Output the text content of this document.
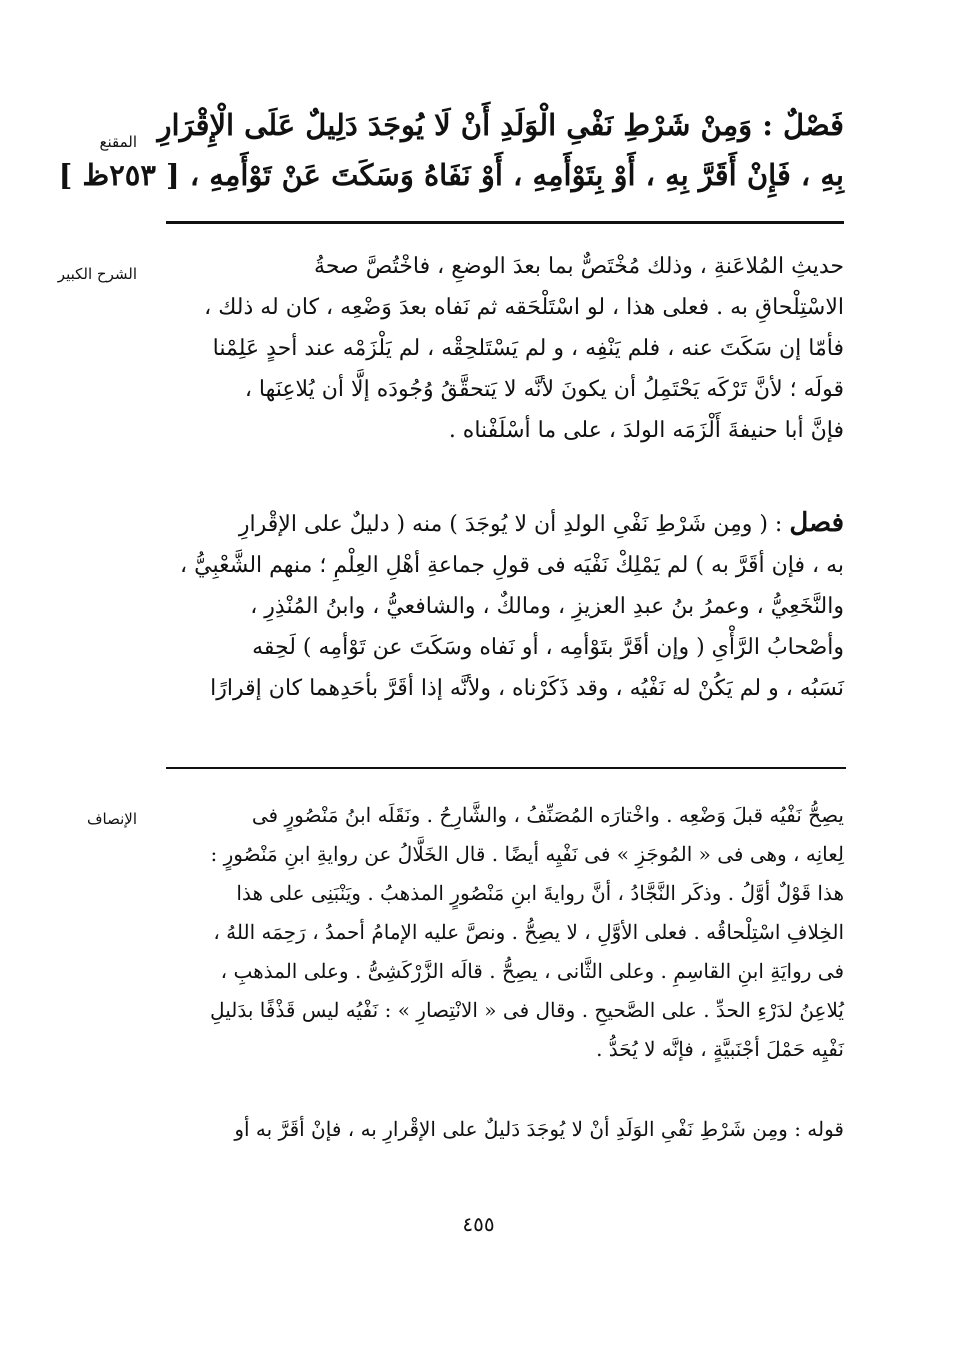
المقنع فَصْلٌ : وَمِنْ شَرْطِ نَفْىِ الْوَلَدِ أَنْ لَا يُوجَدَ دَلِيلٌ عَلَى الْإِقْرَارِ
بِهِ ، فَإِنْ أَقَرَّ بِهِ ، أَوْ بِتَوْأَمِهِ ، أَوْ نَفَاهُ وَسَكَتَ عَنْ تَوْأَمِهِ ، [ ٢٥٣ظ ]
الشرح الكبير	حديثِ المُلاعَنةِ ، وذلك مُخْتَصٌّ بما بعدَ الوضعِ ، فاخْتُصَّ صحةُ
الاسْتِلْحاقِ به . فعلى هذا ، لو اسْتَلْحَقه ثم نَفاه بعدَ وَضْعِه ، كان له ذلك ،
فأمّا إن سَكَتَ عنه ، فلم يَنْفِه ، و لم يَسْتَلحِقْه ، لم يَلْزَمْه عند أحدٍ عَلِمْنا
قولَه ؛ لأنَّ تَرْكَه يَحْتَمِلُ أن يكونَ لأنَّه لا يَتحقَّقُ وُجُودَه إلَّا أن يُلاعِنَها ،
فإنَّ أبا حنيفةَ أَلْزَمَه الولدَ ، على ما أسْلَفْناه .
فصل : ( ومِن شَرْطِ نَفْىِ الولدِ أن لا يُوجَدَ ) منه ( دليلٌ على الإقْرارِ
به ، فإن أقَرَّ به ) لم يَمْلِكْ نَفْيَه فى قولِ جماعةِ أهْلِ العِلْمِ ؛ منهم الشَّعْبِيُّ ،
والنَّخَعِيُّ ، وعمرُ بنُ عبدِ العزيزِ ، ومالكٌ ، والشافعيُّ ، وابنُ المُنْذِرِ ،
وأصْحابُ الرَّأْىِ ( وإن أقَرَّ بتَوْأمِه ، أو نَفاه وسَكَتَ عن تَوْأمِه ) لَحِقه
نَسَبُه ، و لم يَكُنْ له نَفْيُه ، وقد ذَكَرْناه ، ولأنَّه إذا أقَرَّ بأحَدِهما كان إقرارًا
الإنصاف	يصِحُّ نَفْيُه قبلَ وَضْعِه . واخْتارَه المُصَنِّفُ ، والشَّارِحُ . ونَقَلَه ابنُ مَنْصُورٍ فى
لِعانِه ، وهى فى « المُوجَزِ » فى نَفْيِه أيضًا . قال الخَلَّالُ عن روايةِ ابنِ مَنْصُورٍ :
هذا قَوْلٌ أوَّلُ . وذكَر النَّجَّادُ ، أنَّ روايةَ ابنِ مَنْصُورٍ المذهبُ . ويَنْبَنِى على هذا
الخِلافِ اسْتِلْحاقُه . فعلى الأوَّلِ ، لا يصِحُّ . ونصَّ عليه الإمامُ أحمدُ ، رَحِمَه اللهُ ،
فى روايَةِ ابنِ القاسِمِ . وعلى الثَّانى ، يصِحُّ . قالَه الزَّرْكَشِىُّ . وعلى المذهبِ ،
يُلاعِنُ لدَرْءِ الحدِّ . على الصَّحيحِ . وقال فى « الانْتِصارِ » : نَفْيُه ليس قَذْفًا بدَليلِ
نَفْيِه حَمْلَ أجْنَبيَّةٍ ، فإنَّه لا يُحَدُّ .
قوله : ومِن شَرْطِ نَفْىِ الوَلَدِ أنْ لا يُوجَدَ دَليلٌ على الإقْرارِ به ، فإنْ أقَرَّ به أو
٤٥٥
